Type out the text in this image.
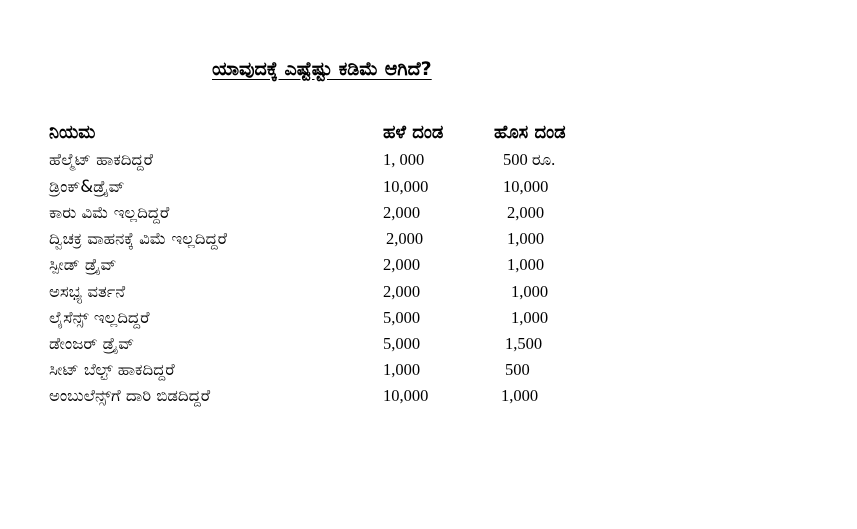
ಯಾವುದಕ್ಕೆ ಎಷ್ಟೆಷ್ಟು ಕಡಿಮೆ ಆಗಿದೆ?
ನಿಯಮ	ಹಳೆ ದಂಡ	ಹೊಸ ದಂಡ
ಹೆಲ್ಮೆಟ್ ಹಾಕದಿದ್ದರೆ	1, 000	500 ರೂ.
ಡ್ರಿಂಕ್&ಡ್ರೈವ್	10,000	10,000
ಕಾರು ವಿಮೆ ಇಲ್ಲದಿದ್ದರೆ	2,000	2,000
ದ್ವಿಚಕ್ರ ವಾಹನಕ್ಕೆ ವಿಮೆ ಇಲ್ಲದಿದ್ದರೆ	2,000	1,000
ಸ್ಪೀಡ್ ಡ್ರೈವ್	2,000	1,000
ಅಸಭ್ಯ ವರ್ತನೆ	2,000	1,000
ಲೈಸೆನ್ಸ್ ಇಲ್ಲದಿದ್ದರೆ	5,000	1,000
ಡೇಂಜರ್ ಡ್ರೈವ್	5,000	1,500
ಸೀಟ್ ಬೆಲ್ಟ್ ಹಾಕದಿದ್ದರೆ	1,000	500
ಅಂಬುಲೆನ್ಸ್‌ಗೆ ದಾರಿ ಬಿಡದಿದ್ದರೆ	10,000	1,000
